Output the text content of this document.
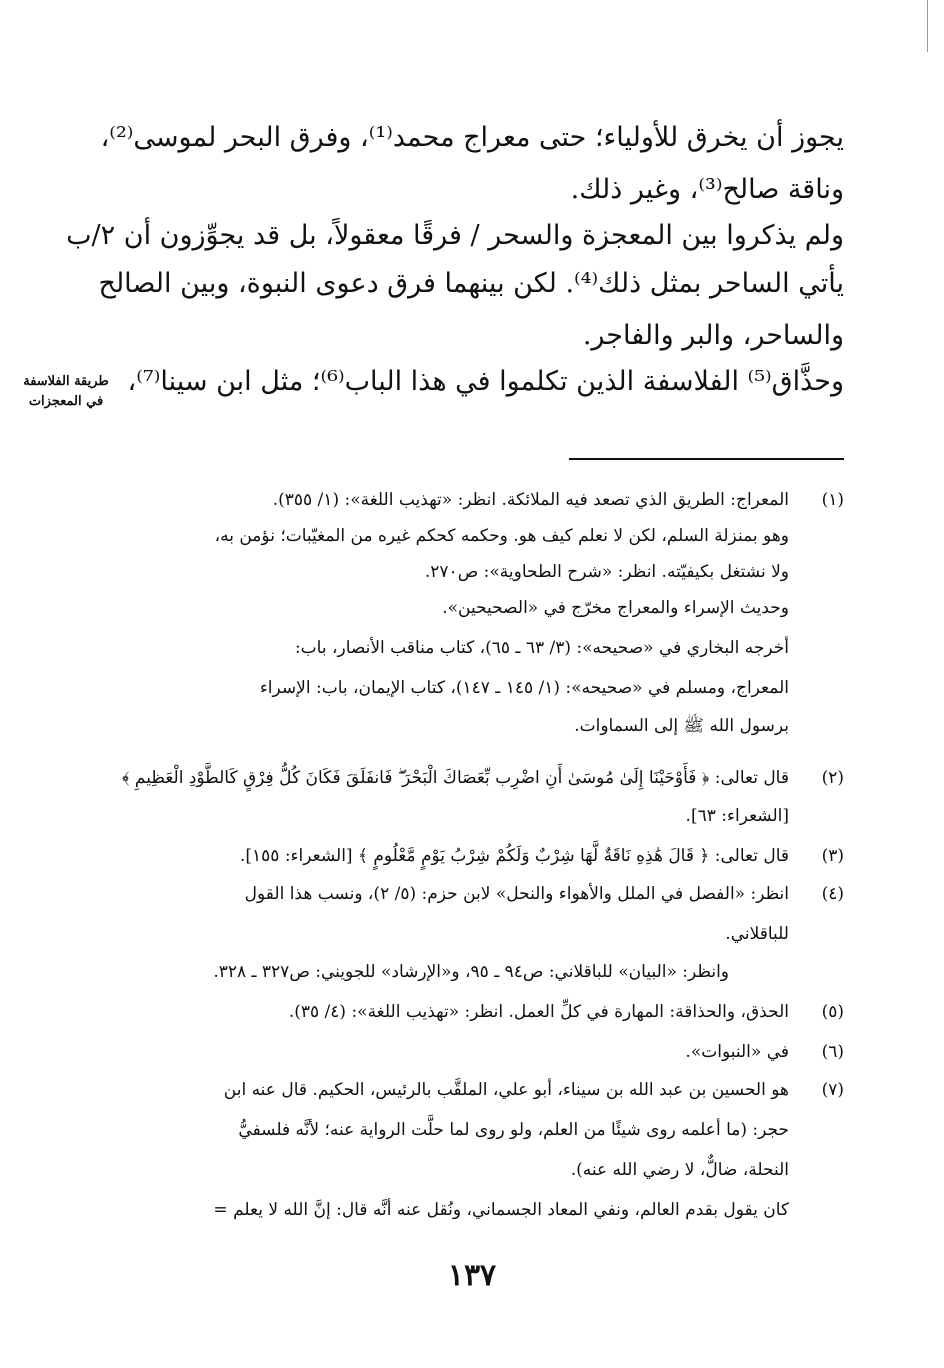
يجوز أن يخرق للأولياء؛ حتى معراج محمد⁽¹⁾، وفرق البحر لموسى⁽²⁾،
وناقة صالح⁽³⁾، وغير ذلك.
ولم يذكروا بين المعجزة والسحر / فرقًا معقولاً، بل قد يجوِّزون أن ٢/ب
يأتي الساحر بمثل ذلك⁽⁴⁾. لكن بينهما فرق دعوى النبوة، وبين الصالح
والساحر، والبر والفاجر.
وحذَّاق⁽⁵⁾ الفلاسفة الذين تكلموا في هذا الباب⁽⁶⁾؛ مثل ابن سينا⁽⁷⁾،
طريقة الفلاسفة
في المعجزات
(١)
المعراج: الطريق الذي تصعد فيه الملائكة. انظر: «تهذيب اللغة»: (١/ ٣٥٥).
وهو بمنزلة السلم، لكن لا نعلم كيف هو. وحكمه كحكم غيره من المغيّبات؛ نؤمن به،
ولا نشتغل بكيفيّته. انظر: «شرح الطحاوية»: ص٢٧٠.
وحديث الإسراء والمعراج مخرّج في «الصحيحين».
أخرجه البخاري في «صحيحه»: (٣/ ٦٣ ـ ٦٥)، كتاب مناقب الأنصار، باب:
المعراج، ومسلم في «صحيحه»: (١/ ١٤٥ ـ ١٤٧)، كتاب الإيمان، باب: الإسراء
برسول الله ﷺ إلى السماوات.
(٢)
قال تعالى: ﴿ فَأَوْحَيْنَا إِلَىٰ مُوسَىٰ أَنِ اضْرِب بِّعَصَاكَ الْبَحْرَ ۖ فَانفَلَقَ فَكَانَ كُلُّ فِرْقٍ كَالطَّوْدِ الْعَظِيمِ ﴾
[الشعراء: ٦٣].
(٣)
قال تعالى: ﴿ قَالَ هَٰذِهِ نَاقَةٌ لَّهَا شِرْبٌ وَلَكُمْ شِرْبُ يَوْمٍ مَّعْلُومٍ ﴾ [الشعراء: ١٥٥].
(٤)
انظر: «الفصل في الملل والأهواء والنحل» لابن حزم: (٥/ ٢)، ونسب هذا القول
للباقلاني.
وانظر: «البيان» للباقلاني: ص٩٤ ـ ٩٥، و«الإرشاد» للجويني: ص٣٢٧ ـ ٣٢٨.
(٥)
الحذق، والحذاقة: المهارة في كلِّ العمل. انظر: «تهذيب اللغة»: (٤/ ٣٥).
(٦)
في «النبوات».
(٧)
هو الحسين بن عبد الله بن سيناء، أبو علي، الملقَّب بالرئيس، الحكيم. قال عنه ابن
حجر: (ما أعلمه روى شيئًا من العلم، ولو روى لما حلَّت الرواية عنه؛ لأنَّه فلسفيُّ
النحلة، ضالٌّ، لا رضي الله عنه).
كان يقول بقدم العالم، ونفي المعاد الجسماني، ونُقل عنه أنَّه قال: إنَّ الله لا يعلم =
١٣٧
